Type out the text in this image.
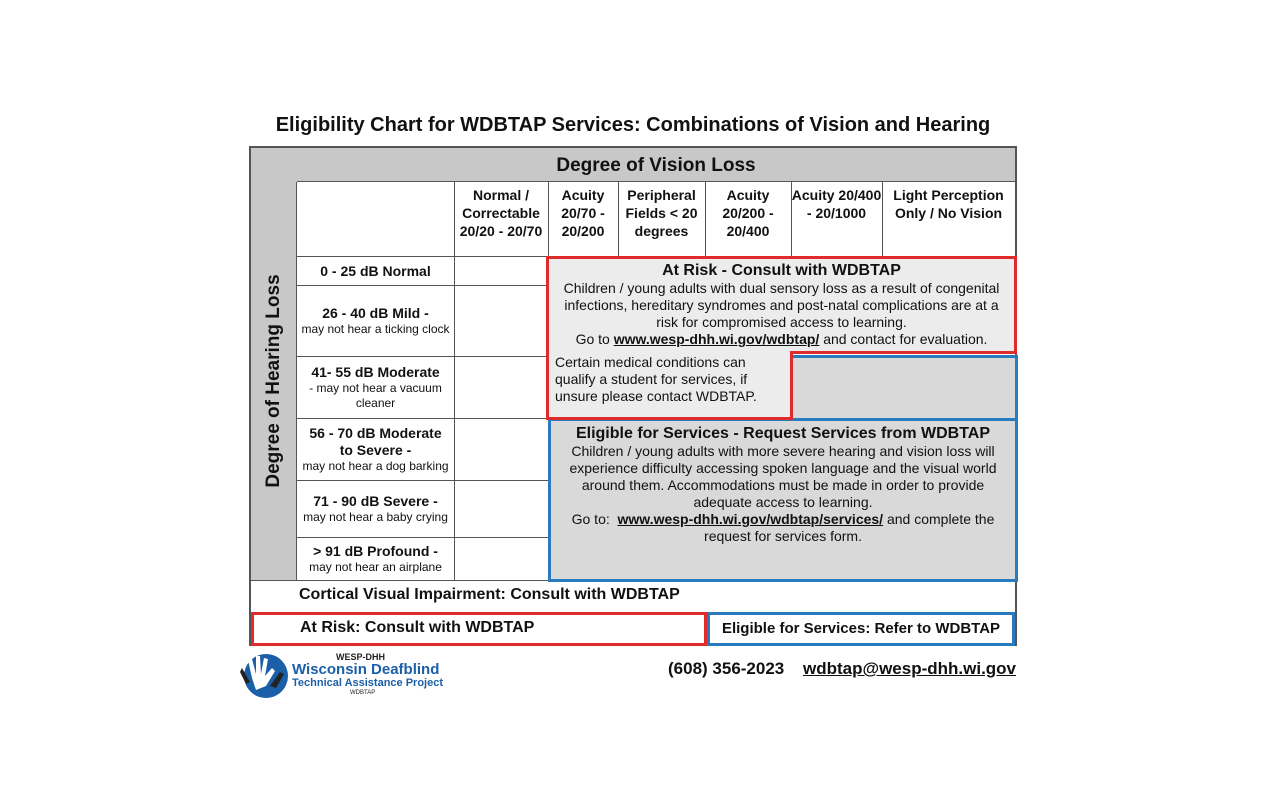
Eligibility Chart for WDBTAP Services: Combinations of Vision and Hearing
Degree of Vision Loss
Degree of Hearing Loss
Normal / Correctable 20/20 - 20/70
Acuity 20/70 - 20/200
Peripheral Fields < 20 degrees
Acuity 20/200 - 20/400
Acuity 20/400 - 20/1000
Light Perception Only / No Vision
0 - 25 dB Normal
26 - 40 dB Mild -
may not hear a ticking clock
41- 55 dB Moderate
- may not hear a vacuum cleaner
56 - 70 dB Moderate to Severe -
may not hear a dog barking
71 - 90 dB Severe -
may not hear a baby crying
> 91 dB Profound -
may not hear an airplane
Eligible for Services - Request Services from WDBTAP
Children / young adults with more severe hearing and vision loss will experience difficulty accessing spoken language and the visual world around them. Accommodations must be made in order to provide adequate access to learning.
Go to: www.wesp-dhh.wi.gov/wdbtap/services/ and complete the request for services form.
At Risk - Consult with WDBTAP
Children / young adults with dual sensory loss as a result of congenital infections, hereditary syndromes and post-natal complications are at a risk for compromised access to learning.
Go to www.wesp-dhh.wi.gov/wdbtap/ and contact for evaluation.
Certain medical conditions can qualify a student for services, if unsure please contact WDBTAP.
Cortical Visual Impairment: Consult with WDBTAP
At Risk: Consult with WDBTAP	Eligible for Services: Refer to WDBTAP
WESP-DHH
Wisconsin Deafblind
Technical Assistance Project
WDBTAP
(608) 356-2023 wdbtap@wesp-dhh.wi.gov
